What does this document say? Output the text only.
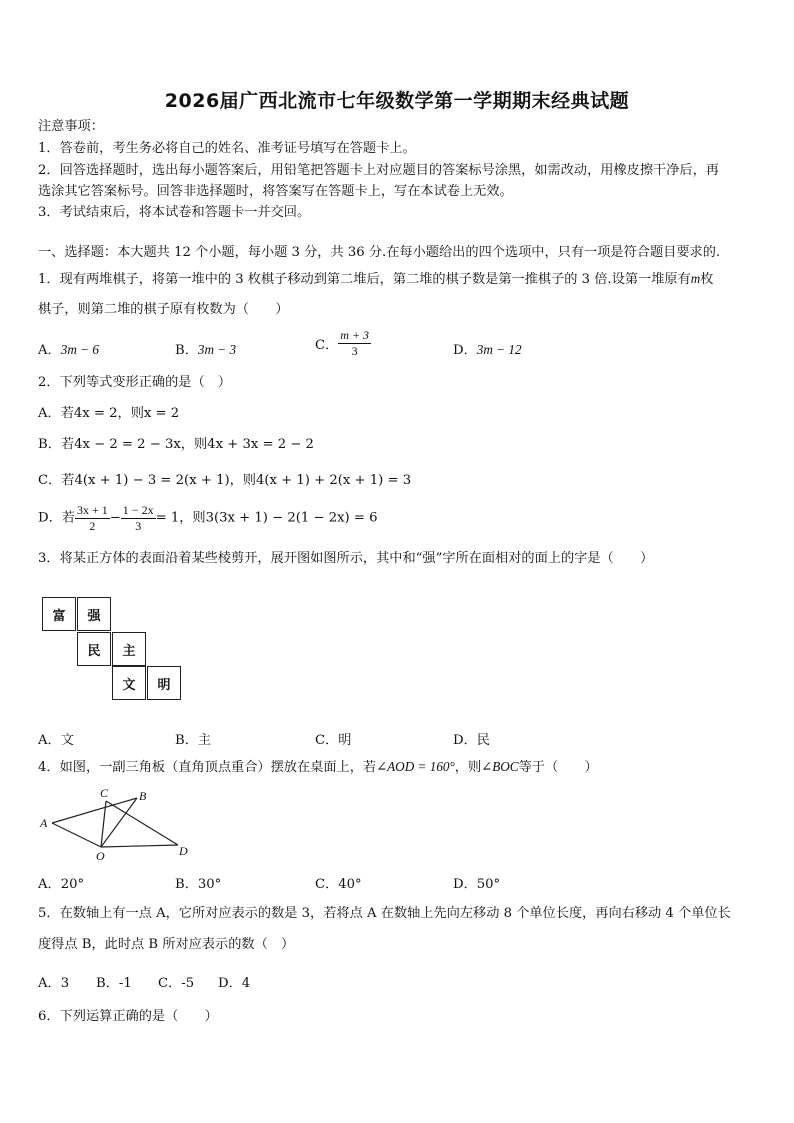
2026届广西北流市七年级数学第一学期期末经典试题
注意事项：
1．答卷前，考生务必将自己的姓名、准考证号填写在答题卡上。
2．回答选择题时，选出每小题答案后，用铅笔把答题卡上对应题目的答案标号涂黑，如需改动，用橡皮擦干净后，再
选涂其它答案标号。回答非选择题时，将答案写在答题卡上，写在本试卷上无效。
3．考试结束后，将本试卷和答题卡一并交回。
一、选择题：本大题共 12 个小题，每小题 3 分，共 36 分.在每小题给出的四个选项中，只有一项是符合题目要求的.
1．现有两堆棋子，将第一堆中的 3 枚棋子移动到第二堆后，第二堆的棋子数是第一推棋子的 3 倍.设第一堆原有m枚
棋子，则第二堆的棋子原有枚数为（　　）
A．3m − 6	B．3m − 3	C． $\frac{m + 3}{3}$	D．3m − 12
2．下列等式变形正确的是（　）
A．若4x = 2，则x = 2
B．若4x − 2 = 2 − 3x，则4x + 3x = 2 − 2
C．若4(x + 1) − 3 = 2(x + 1)，则4(x + 1) + 2(x + 1) = 3
D．若 $\frac{3x + 1}{2} - \frac{1 - 2x}{3} = 1$，则3(3x + 1) − 2(1 − 2x) = 6
3．将某正方体的表面沿着某些棱剪开，展开图如图所示，其中和“强”字所在面相对的面上的字是（　　）
富	强
民	主
文	明
A．文	B．主	C．明	D．民
4．如图，一副三角板（直角顶点重合）摆放在桌面上，若∠AOD = 160°，则∠BOC等于（　　）
A
B
C
O	D
A．20°	B．30°	C．40°	D．50°
5．在数轴上有一点 A，它所对应表示的数是 3，若将点 A 在数轴上先向左移动 8 个单位长度，再向右移动 4 个单位长
度得点 B，此时点 B 所对应表示的数（　）
A．3 B．-1 C．-5 D．4
6．下列运算正确的是（　　）
